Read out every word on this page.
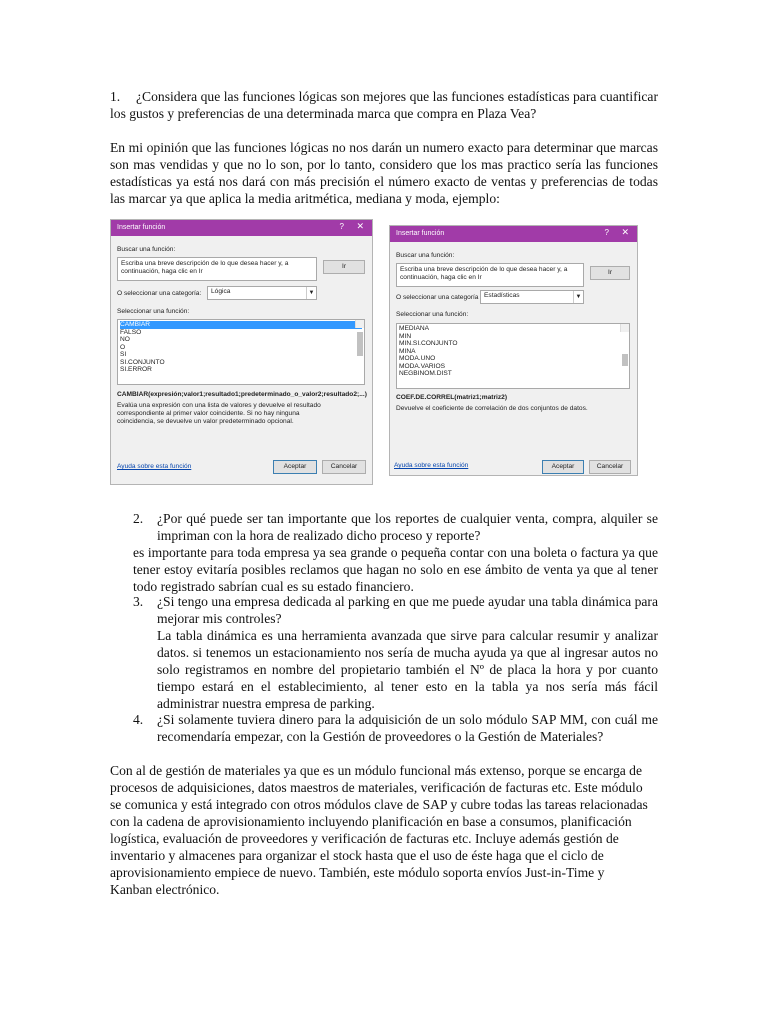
1.	¿Considera que las funciones lógicas son mejores que las funciones estadísticas para cuantificar los gustos y preferencias de una determinada marca que compra en Plaza Vea?
En mi opinión que las funciones lógicas no nos darán un numero exacto para determinar que marcas son mas vendidas y que no lo son, por lo tanto, considero que los mas practico sería las funciones estadísticas ya está nos dará con más precisión el número exacto de ventas y preferencias de todas las marcar ya que aplica la media aritmética, mediana y moda, ejemplo:
Insertar función	? ✕
Buscar una función:
Escriba una breve descripción de lo que desea hacer y, a continuación, haga clic en Ir
Ir
O seleccionar una categoría:	Lógica	▼
Seleccionar una función:
CAMBIAR
FALSO
NO
O
SI
SI.CONJUNTO
SI.ERROR
CAMBIAR(expresión;valor1;resultado1;predeterminado_o_valor2;resultado2;...)
Evalúa una expresión con una lista de valores y devuelve el resultado correspondiente al primer valor coincidente. Si no hay ninguna coincidencia, se devuelve un valor predeterminado opcional.
Ayuda sobre esta función	Aceptar	Cancelar
Insertar función	? ✕
Buscar una función:
Escriba una breve descripción de lo que desea hacer y, a continuación, haga clic en Ir
Ir
O seleccionar una categoría Estadísticas	▼
Seleccionar una función:
MEDIANA
MIN
MIN.SI.CONJUNTO
MINA
MODA.UNO
MODA.VARIOS
NEGBINOM.DIST
COEF.DE.CORREL(matriz1;matriz2)
Devuelve el coeficiente de correlación de dos conjuntos de datos.
Ayuda sobre esta función	Aceptar	Cancelar
2. ¿Por qué puede ser tan importante que los reportes de cualquier venta, compra, alquiler se impriman con la hora de realizado dicho proceso y reporte?
es importante para toda empresa ya sea grande o pequeña contar con una boleta o factura ya que tener estoy evitaría posibles reclamos que hagan no solo en ese ámbito de venta ya que al tener todo registrado sabrían cual es su estado financiero.
3. ¿Si tengo una empresa dedicada al parking en que me puede ayudar una tabla dinámica para mejorar mis controles?
La tabla dinámica es una herramienta avanzada que sirve para calcular resumir y analizar datos. si tenemos un estacionamiento nos sería de mucha ayuda ya que al ingresar autos no solo registramos en nombre del propietario también el Nº de placa la hora y por cuanto tiempo estará en el establecimiento, al tener esto en la tabla ya nos sería más fácil administrar nuestra empresa de parking.
4. ¿Si solamente tuviera dinero para la adquisición de un solo módulo SAP MM, con cuál me recomendaría empezar, con la Gestión de proveedores o la Gestión de Materiales?
Con al de gestión de materiales ya que es un módulo funcional más extenso, porque se encarga de procesos de adquisiciones, datos maestros de materiales, verificación de facturas etc. Este módulo se comunica y está integrado con otros módulos clave de SAP y cubre todas las tareas relacionadas con la cadena de aprovisionamiento incluyendo planificación en base a consumos, planificación logística, evaluación de proveedores y verificación de facturas etc. Incluye además gestión de inventario y almacenes para organizar el stock hasta que el uso de éste haga que el ciclo de aprovisionamiento empiece de nuevo. También, este módulo soporta envíos Just-in-Time y Kanban electrónico.
